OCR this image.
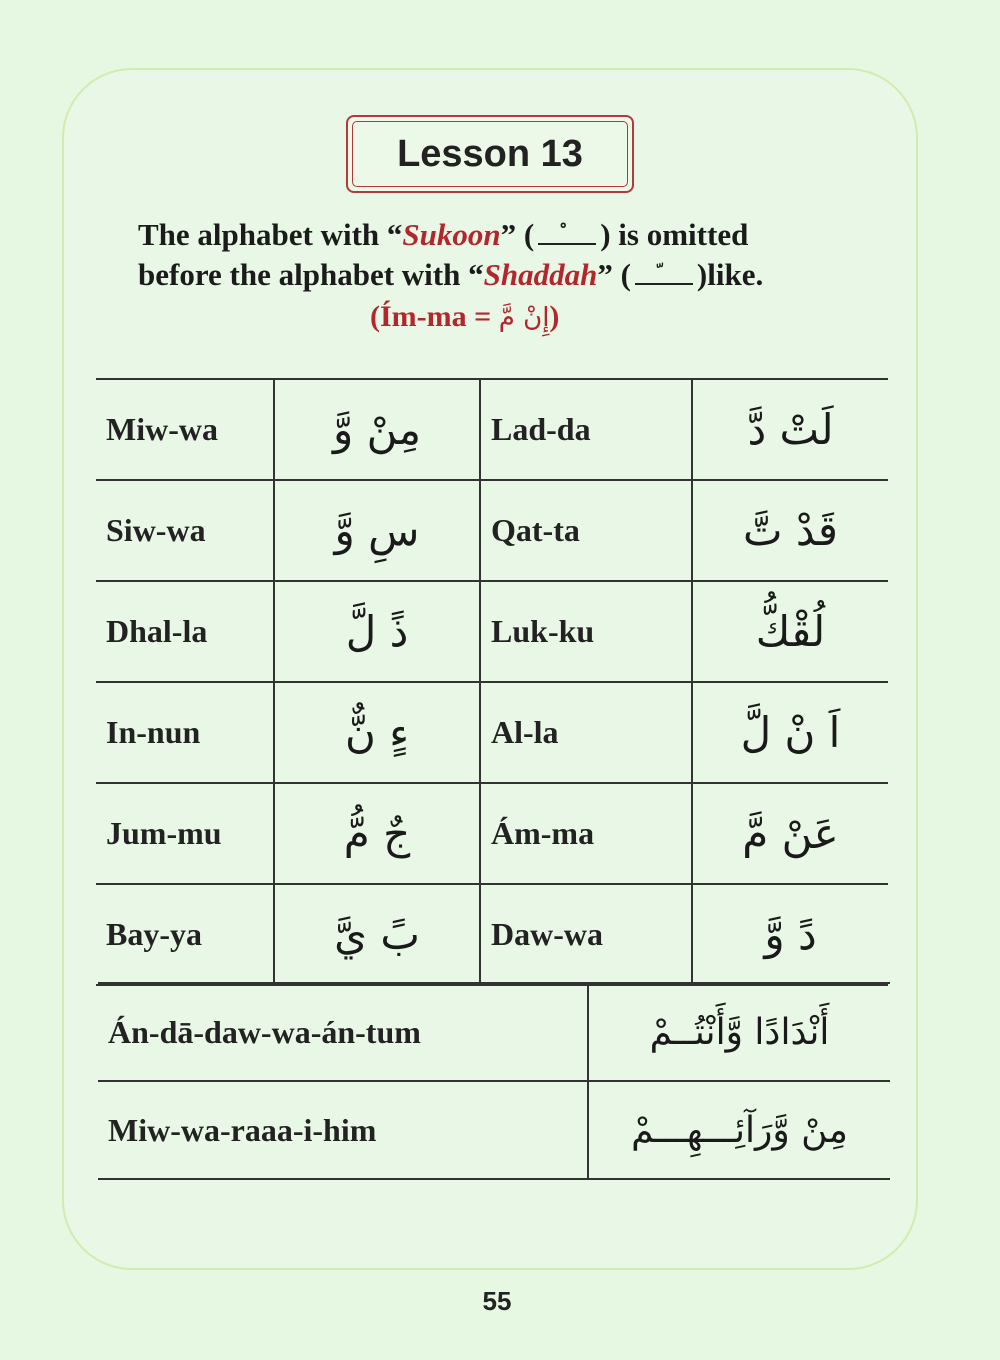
Lesson 13
The alphabet with “Sukoon” ( ) is omitted
before the alphabet with “Shaddah” ( )like.
(Ím-ma = إِنْ مَّ)
Miw-wa	مِنْ وَّ	Lad-da	لَتْ دَّ
Siw-wa	سِ وَّ	Qat-ta	قَدْ تَّ
Dhal-la	ذً لَّ	Luk-ku	لُقْكُّ
In-nun	ءٍ نٌّ	Al-la	اَ نْ لَّ
Jum-mu	جٌ مُّ	Ám-ma	عَنْ مَّ
Bay-ya	بً يَّ	Daw-wa	دً وَّ
Án-dā-daw-wa-án-tum	أَنْدَادًا وَّأَنْتُــمْ
Miw-wa-raaa-i-him	مِنْ وَّرَآئِـــهِـــمْ
55
